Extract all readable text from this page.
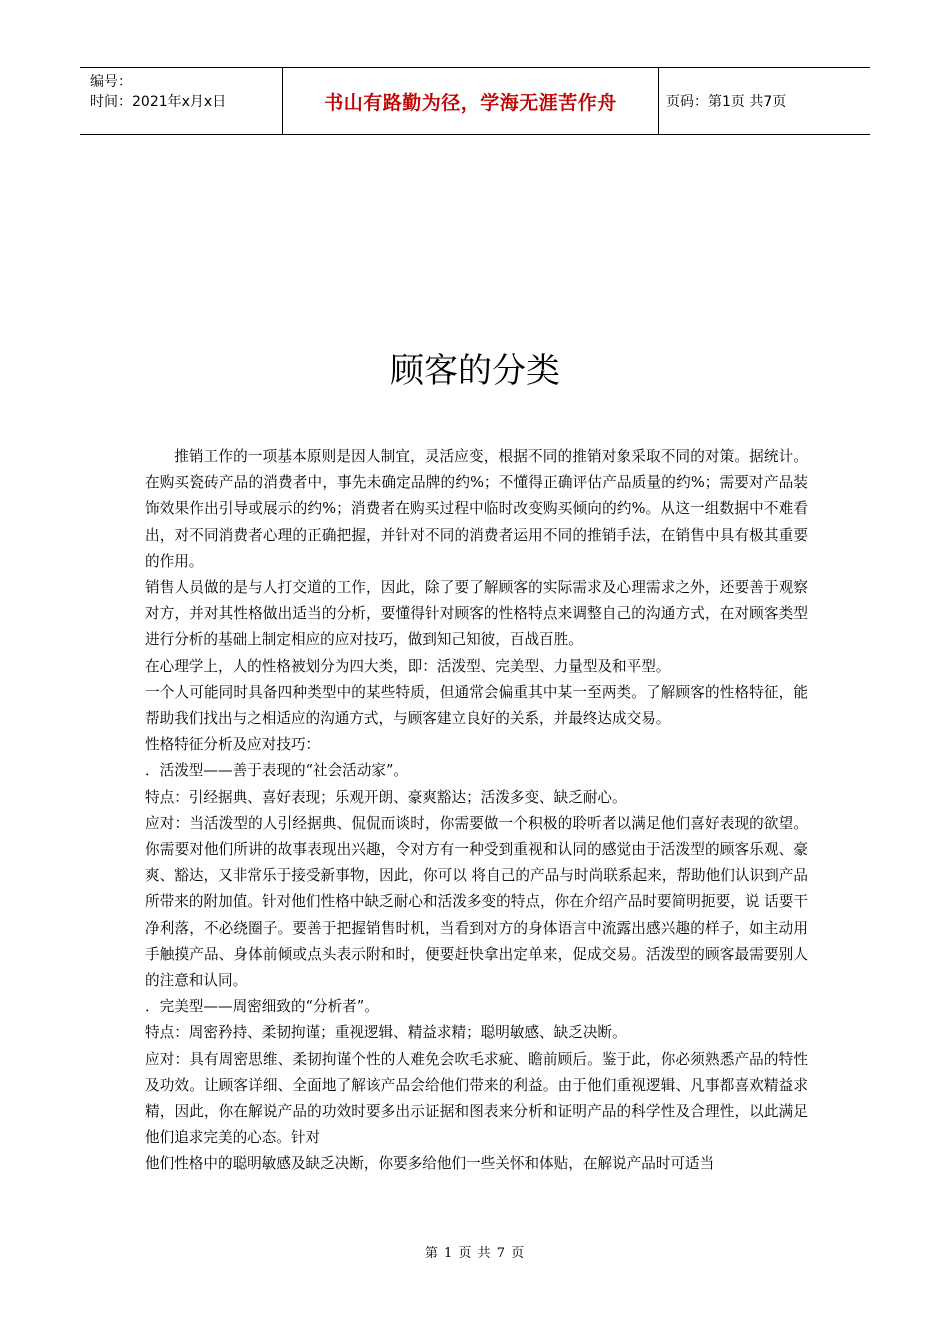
编号：
时间：2021年x月x日	书山有路勤为径，学海无涯苦作舟	页码：第1页 共7页
顾客的分类

推销工作的一项基本原则是因人制宜，灵活应变，根据不同的推销对象采取不同的对策。据统计。在购买瓷砖产品的消费者中，事先未确定品牌的约%；不懂得正确评估产品质量的约%；需要对产品装饰效果作出引导或展示的约%；消费者在购买过程中临时改变购买倾向的约%。从这一组数据中不难看出，对不同消费者心理的正确把握，并针对不同的消费者运用不同的推销手法，在销售中具有极其重要的作用。

销售人员做的是与人打交道的工作，因此，除了要了解顾客的实际需求及心理需求之外，还要善于观察对方，并对其性格做出适当的分析，要懂得针对顾客的性格特点来调整自己的沟通方式，在对顾客类型进行分析的基础上制定相应的应对技巧，做到知己知彼，百战百胜。

在心理学上，人的性格被划分为四大类，即：活泼型、完美型、力量型及和平型。

一个人可能同时具备四种类型中的某些特质，但通常会偏重其中某一至两类。了解顾客的性格特征，能帮助我们找出与之相适应的沟通方式，与顾客建立良好的关系，并最终达成交易。

性格特征分析及应对技巧：

．活泼型——善于表现的“社会活动家”。

特点：引经据典、喜好表现；乐观开朗、豪爽豁达；活泼多变、缺乏耐心。

应对：当活泼型的人引经据典、侃侃而谈时，你需要做一个积极的聆听者以满足他们喜好表现的欲望。你需要对他们所讲的故事表现出兴趣，令对方有一种受到重视和认同的感觉由于活泼型的顾客乐观、豪爽、豁达，又非常乐于接受新事物，因此，你可以 将自己的产品与时尚联系起来，帮助他们认识到产品所带来的附加值。针对他们性格中缺乏耐心和活泼多变的特点，你在介绍产品时要简明扼要，说 话要干净利落，不必绕圈子。要善于把握销售时机，当看到对方的身体语言中流露出感兴趣的样子，如主动用手触摸产品、身体前倾或点头表示附和时，便要赶快拿出定单来，促成交易。活泼型的顾客最需要别人的注意和认同。

．完美型——周密细致的“分析者”。

特点：周密矜持、柔韧拘谨；重视逻辑、精益求精；聪明敏感、缺乏决断。

应对：具有周密思维、柔韧拘谨个性的人难免会吹毛求疵、瞻前顾后。鉴于此，你必须熟悉产品的特性及功效。让顾客详细、全面地了解该产品会给他们带来的利益。由于他们重视逻辑、凡事都喜欢精益求精，因此，你在解说产品的功效时要多出示证据和图表来分析和证明产品的科学性及合理性，以此满足他们追求完美的心态。针对

他们性格中的聪明敏感及缺乏决断，你要多给他们一些关怀和体贴，在解说产品时可适当

第 1 页 共 7 页
